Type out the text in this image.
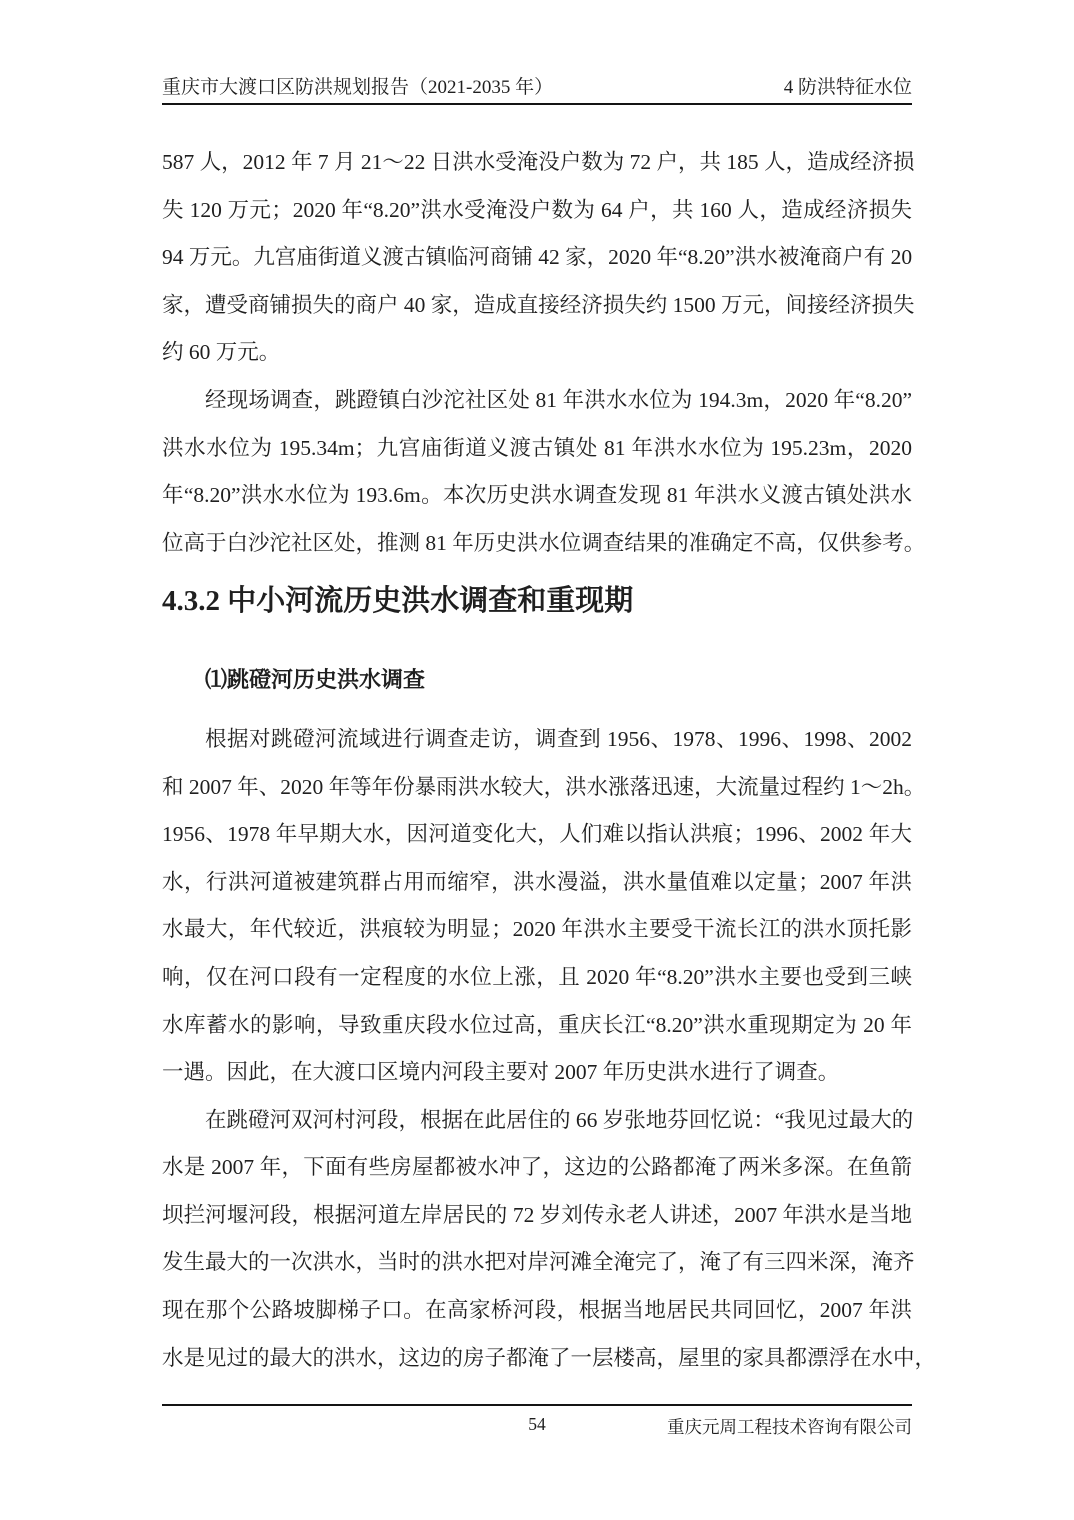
重庆市大渡口区防洪规划报告（2021-2035 年）	4 防洪特征水位
587 人，2012 年 7 月 21～22 日洪水受淹没户数为 72 户，共 185 人，造成经济损
失 120 万元；2020 年“8.20”洪水受淹没户数为 64 户，共 160 人，造成经济损失
94 万元。九宫庙街道义渡古镇临河商铺 42 家，2020 年“8.20”洪水被淹商户有 20
家，遭受商铺损失的商户 40 家，造成直接经济损失约 1500 万元，间接经济损失
约 60 万元。
经现场调查，跳蹬镇白沙沱社区处 81 年洪水水位为 194.3m，2020 年“8.20”
洪水水位为 195.34m；九宫庙街道义渡古镇处 81 年洪水水位为 195.23m，2020
年“8.20”洪水水位为 193.6m。本次历史洪水调查发现 81 年洪水义渡古镇处洪水
位高于白沙沱社区处，推测 81 年历史洪水位调查结果的准确定不高，仅供参考。
4.3.2 中小河流历史洪水调查和重现期
⑴跳磴河历史洪水调查
根据对跳磴河流域进行调查走访，调查到 1956、1978、1996、1998、2002
和 2007 年、2020 年等年份暴雨洪水较大，洪水涨落迅速，大流量过程约 1～2h。
1956、1978 年早期大水，因河道变化大，人们难以指认洪痕；1996、2002 年大
水，行洪河道被建筑群占用而缩窄，洪水漫溢，洪水量值难以定量；2007 年洪
水最大，年代较近，洪痕较为明显；2020 年洪水主要受干流长江的洪水顶托影
响，仅在河口段有一定程度的水位上涨，且 2020 年“8.20”洪水主要也受到三峡
水库蓄水的影响，导致重庆段水位过高，重庆长江“8.20”洪水重现期定为 20 年
一遇。因此，在大渡口区境内河段主要对 2007 年历史洪水进行了调查。
在跳磴河双河村河段，根据在此居住的 66 岁张地芬回忆说：“我见过最大的
水是 2007 年，下面有些房屋都被水冲了，这边的公路都淹了两米多深。在鱼箭
坝拦河堰河段，根据河道左岸居民的 72 岁刘传永老人讲述，2007 年洪水是当地
发生最大的一次洪水，当时的洪水把对岸河滩全淹完了，淹了有三四米深，淹齐
现在那个公路坡脚梯子口。在高家桥河段，根据当地居民共同回忆，2007 年洪
水是见过的最大的洪水，这边的房子都淹了一层楼高，屋里的家具都漂浮在水中，
54	重庆元周工程技术咨询有限公司
